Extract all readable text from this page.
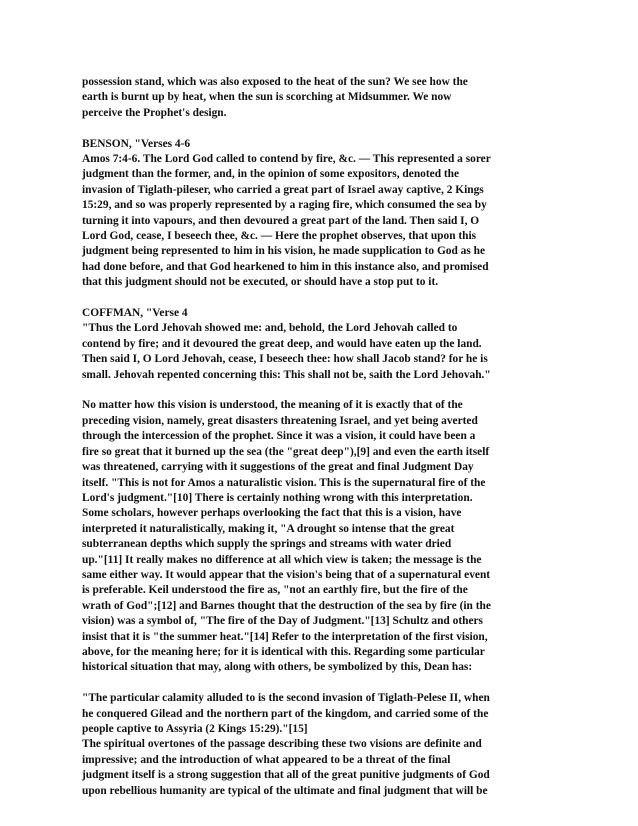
possession stand, which was also exposed to the heat of the sun? We see how the
earth is burnt up by heat, when the sun is scorching at Midsummer. We now
perceive the Prophet's design.
BENSON, "Verses 4-6
Amos 7:4-6. The Lord God called to contend by fire, &c. — This represented a sorer
judgment than the former, and, in the opinion of some expositors, denoted the
invasion of Tiglath-pileser, who carried a great part of Israel away captive, 2 Kings
15:29, and so was properly represented by a raging fire, which consumed the sea by
turning it into vapours, and then devoured a great part of the land. Then said I, O
Lord God, cease, I beseech thee, &c. — Here the prophet observes, that upon this
judgment being represented to him in his vision, he made supplication to God as he
had done before, and that God hearkened to him in this instance also, and promised
that this judgment should not be executed, or should have a stop put to it.
COFFMAN, "Verse 4
"Thus the Lord Jehovah showed me: and, behold, the Lord Jehovah called to
contend by fire; and it devoured the great deep, and would have eaten up the land.
Then said I, O Lord Jehovah, cease, I beseech thee: how shall Jacob stand? for he is
small. Jehovah repented concerning this: This shall not be, saith the Lord Jehovah."
No matter how this vision is understood, the meaning of it is exactly that of the
preceding vision, namely, great disasters threatening Israel, and yet being averted
through the intercession of the prophet. Since it was a vision, it could have been a
fire so great that it burned up the sea (the "great deep"),[9] and even the earth itself
was threatened, carrying with it suggestions of the great and final Judgment Day
itself. "This is not for Amos a naturalistic vision. This is the supernatural fire of the
Lord's judgment."[10] There is certainly nothing wrong with this interpretation.
Some scholars, however perhaps overlooking the fact that this is a vision, have
interpreted it naturalistically, making it, "A drought so intense that the great
subterranean depths which supply the springs and streams with water dried
up."[11] It really makes no difference at all which view is taken; the message is the
same either way. It would appear that the vision's being that of a supernatural event
is preferable. Keil understood the fire as, "not an earthly fire, but the fire of the
wrath of God";[12] and Barnes thought that the destruction of the sea by fire (in the
vision) was a symbol of, "The fire of the Day of Judgment."[13] Schultz and others
insist that it is "the summer heat."[14] Refer to the interpretation of the first vision,
above, for the meaning here; for it is identical with this. Regarding some particular
historical situation that may, along with others, be symbolized by this, Dean has:
"The particular calamity alluded to is the second invasion of Tiglath-Pelese II, when
he conquered Gilead and the northern part of the kingdom, and carried some of the
people captive to Assyria (2 Kings 15:29)."[15]
The spiritual overtones of the passage describing these two visions are definite and
impressive; and the introduction of what appeared to be a threat of the final
judgment itself is a strong suggestion that all of the great punitive judgments of God
upon rebellious humanity are typical of the ultimate and final judgment that will be
